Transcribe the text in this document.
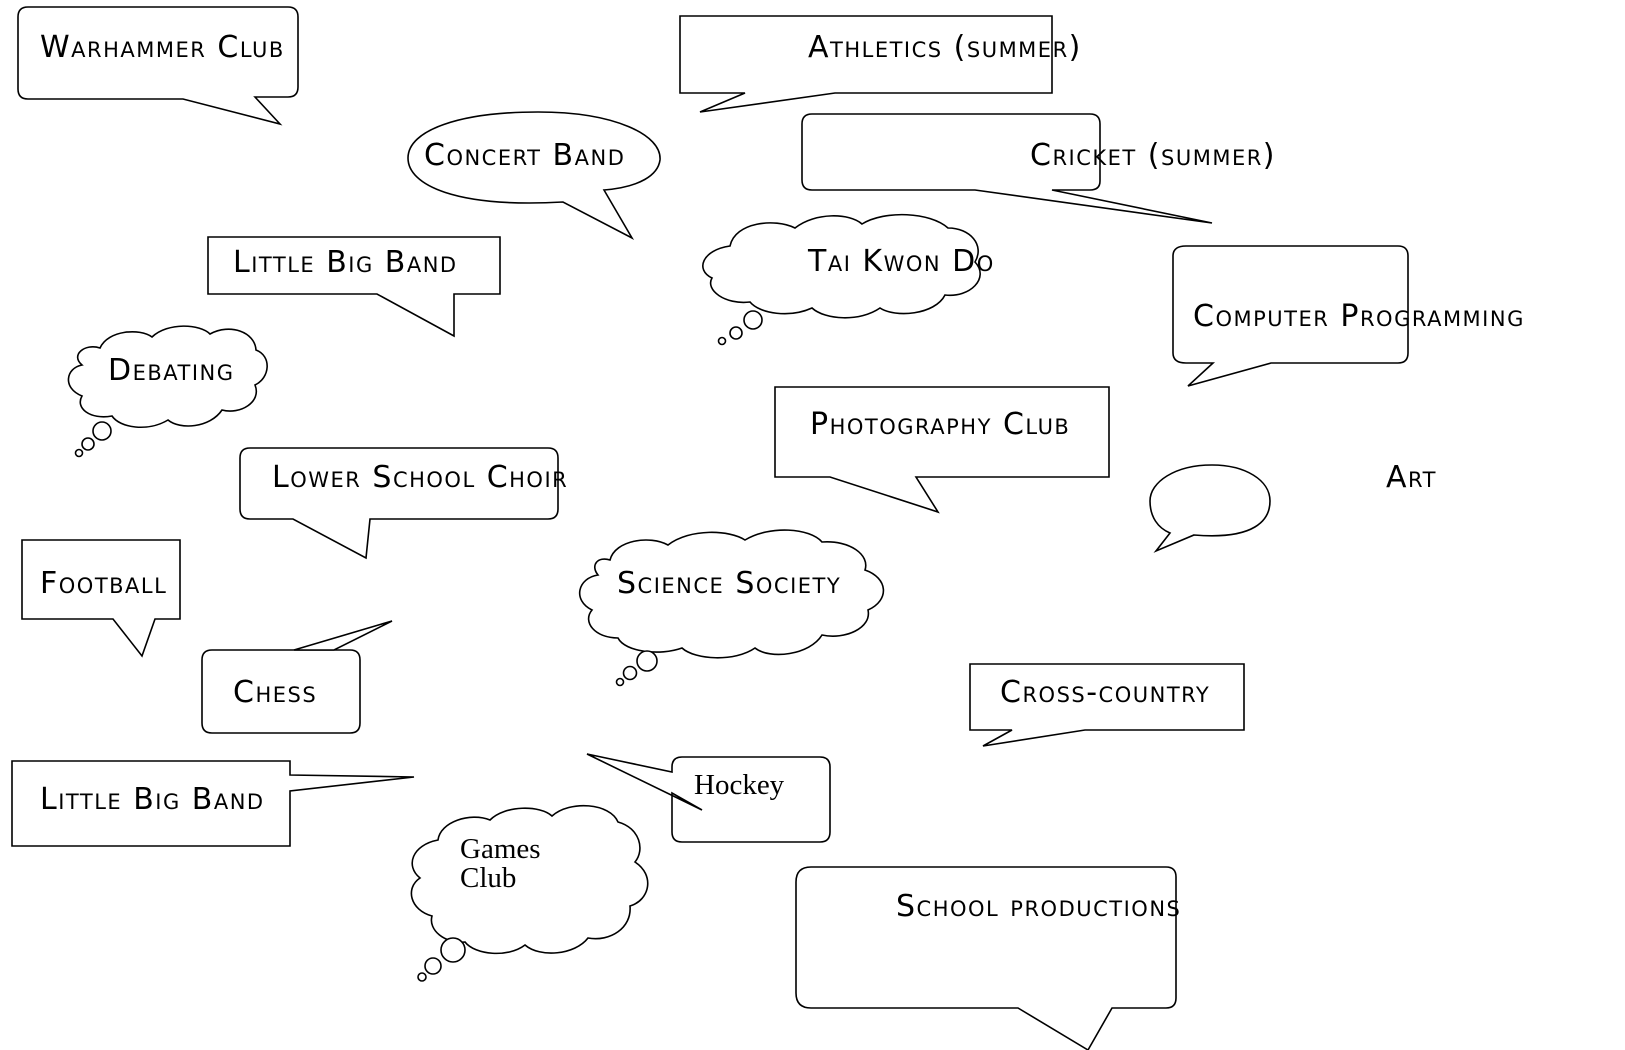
Warhammer Club	Athletics (summer)
Concert Band	Cricket (summer)
Little Big Band	Tai Kwon Do
Computer Programming
Debating
Photography Club
Art
Lower School Choir
Football	Science Society
Chess	Cross-country
Little Big Band	Hockey
Games
Club
School productions
